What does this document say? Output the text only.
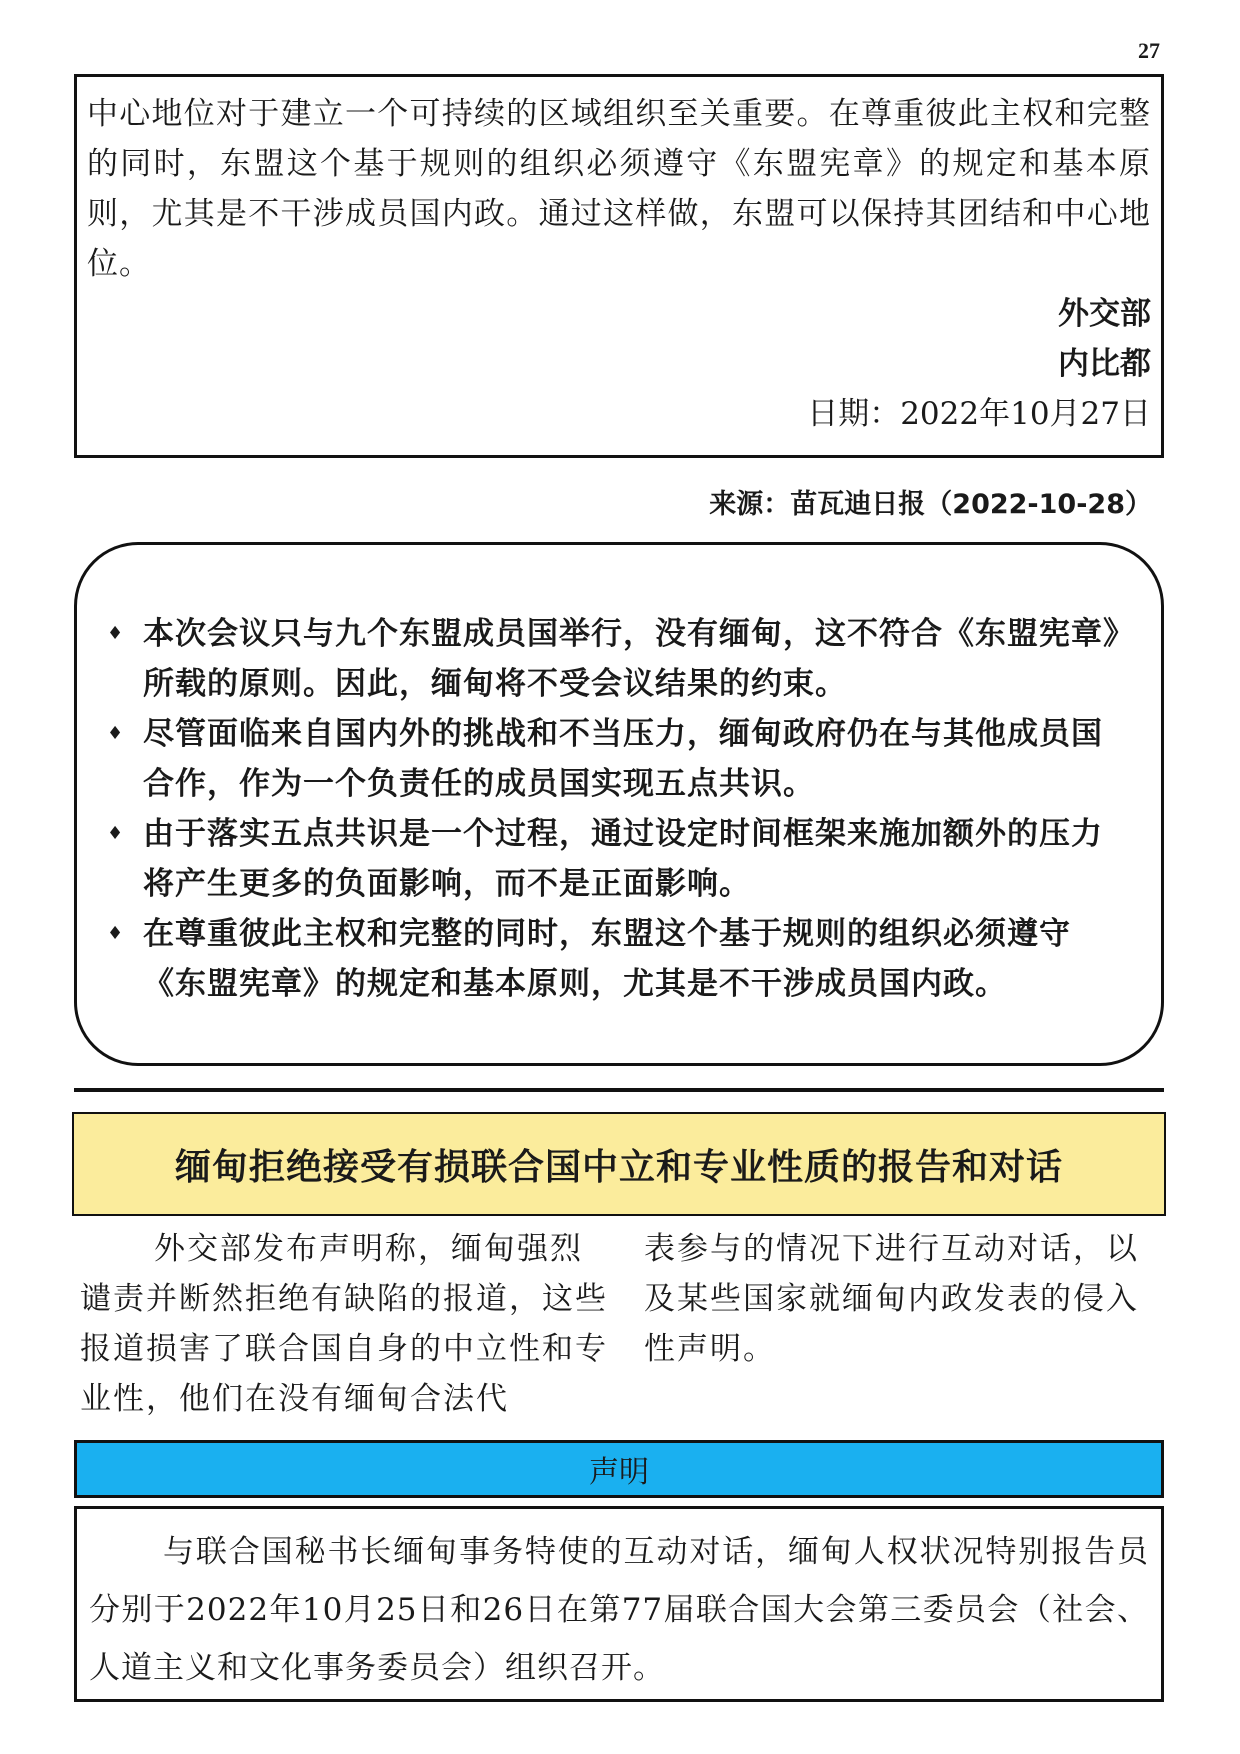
27

中心地位对于建立一个可持续的区域组织至关重要。在尊重彼此主权和完整的同时，东盟这个基于规则的组织必须遵守《东盟宪章》的规定和基本原则，尤其是不干涉成员国内政。通过这样做，东盟可以保持其团结和中心地位。

外交部
内比都
日期：2022年10月27日
来源：苗瓦迪日报（2022-10-28）
♦ 本次会议只与九个东盟成员国举行，没有缅甸，这不符合《东盟宪章》所载的原则。因此，缅甸将不受会议结果的约束。
♦ 尽管面临来自国内外的挑战和不当压力，缅甸政府仍在与其他成员国合作，作为一个负责任的成员国实现五点共识。
♦ 由于落实五点共识是一个过程，通过设定时间框架来施加额外的压力将产生更多的负面影响，而不是正面影响。
♦ 在尊重彼此主权和完整的同时，东盟这个基于规则的组织必须遵守《东盟宪章》的规定和基本原则，尤其是不干涉成员国内政。
缅甸拒绝接受有损联合国中立和专业性质的报告和对话

外交部发布声明称，缅甸强烈谴责并断然拒绝有缺陷的报道，这些报道损害了联合国自身的中立性和专业性，他们在没有缅甸合法代

表参与的情况下进行互动对话，以及某些国家就缅甸内政发表的侵入性声明。

声明

与联合国秘书长缅甸事务特使的互动对话，缅甸人权状况特别报告员分别于2022年10月25日和26日在第77届联合国大会第三委员会（社会、人道主义和文化事务委员会）组织召开。
